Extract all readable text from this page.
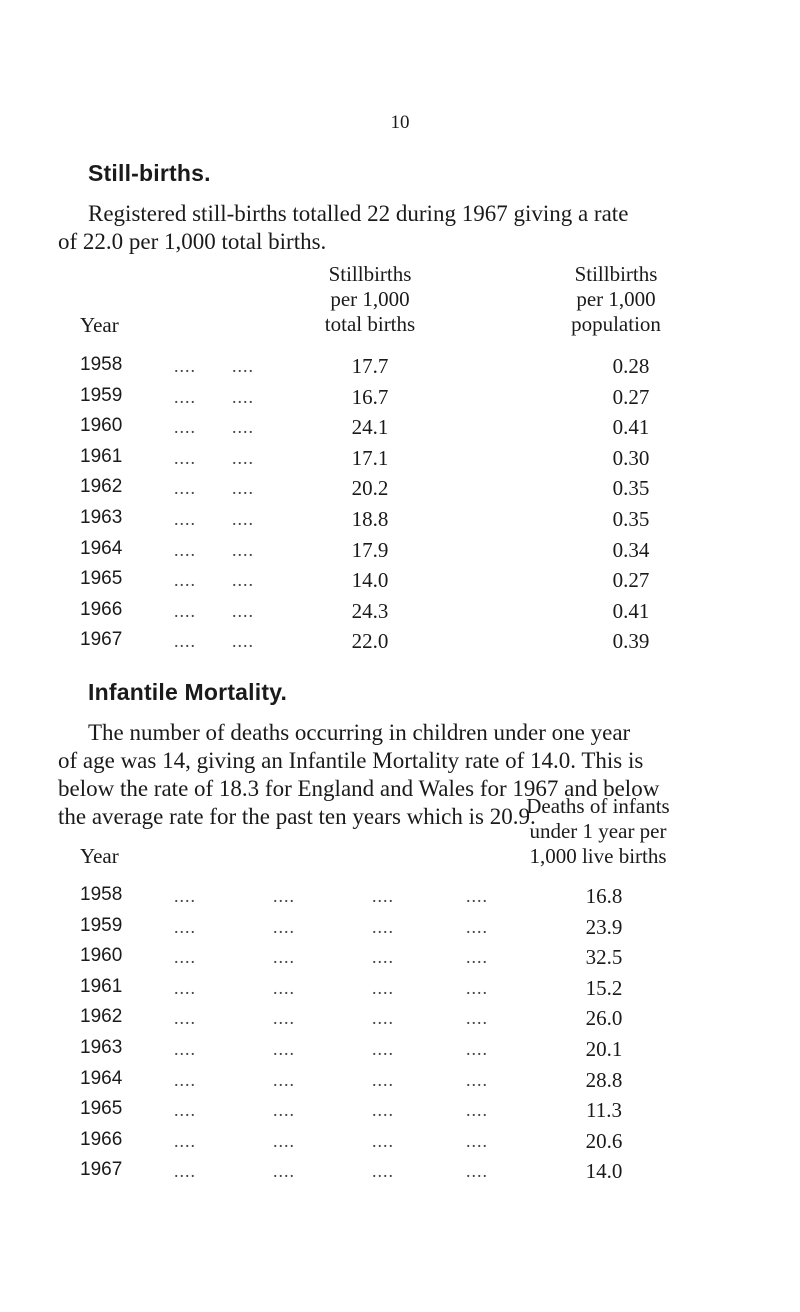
10
Still-births.
Registered still-births totalled 22 during 1967 giving a rate
of 22.0 per 1,000 total births.
Year
Stillbirths
per 1,000
total births
Stillbirths
per 1,000
population
1958	.... ....	17.7	0.28
1959	.... ....	16.7	0.27
1960	.... ....	24.1	0.41
1961	.... ....	17.1	0.30
1962	.... ....	20.2	0.35
1963	.... ....	18.8	0.35
1964	.... ....	17.9	0.34
1965	.... ....	14.0	0.27
1966	.... ....	24.3	0.41
1967	.... ....	22.0	0.39
Infantile Mortality.
The number of deaths occurring in children under one year
of age was 14, giving an Infantile Mortality rate of 14.0. This is
below the rate of 18.3 for England and Wales for 1967 and below
the average rate for the past ten years which is 20.9.
Year
Deaths of infants
under 1 year per
1,000 live births
1958	....	....	....	....	16.8
1959	....	....	....	....	23.9
1960	....	....	....	....	32.5
1961	....	....	....	....	15.2
1962	....	....	....	....	26.0
1963	....	....	....	....	20.1
1964	....	....	....	....	28.8
1965	....	....	....	....	11.3
1966	....	....	....	....	20.6
1967	....	....	....	....	14.0
